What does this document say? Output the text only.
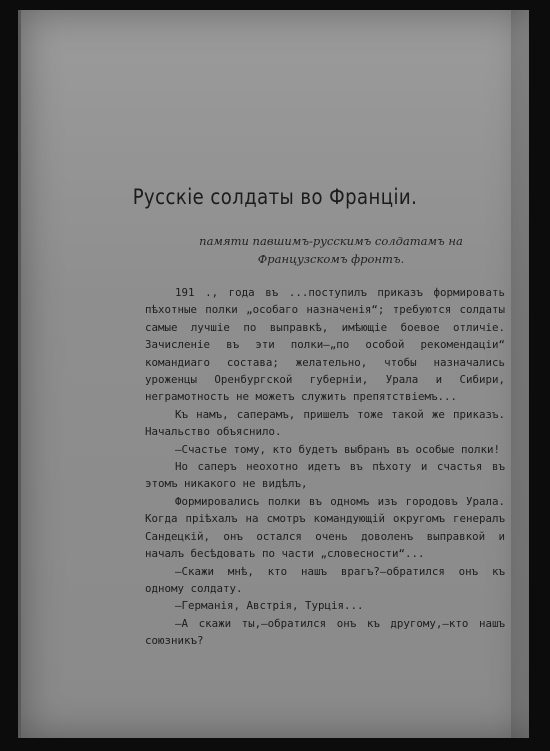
Русскiе солдаты во Францiи.
памяти павшимъ-русскимъ солдатамъ на Французскомъ фронтъ.

191 ., года въ ...поступилъ приказъ формировать пѣхотные полки „особаго назначенiя“; требуются солдаты самые лучшiе по выправкѣ, имѣющiе боевое отличiе. Зачисленiе въ эти полки—„по особой рекомендацiи“ командиаго состава; желательно, чтобы назначались уроженцы Оренбургской губернiи, Урала и Сибири, неграмотность не можетъ служить препятствiемъ...

Къ намъ, саперамъ, пришелъ тоже такой же приказъ. Начальство объяснило.

—Счастье тому, кто будетъ выбранъ въ особые полки!

Но саперъ неохотно идетъ въ пѣхоту и счастья въ этомъ никакого не видѣлъ,

Формировались полки въ одномъ изъ городовъ Урала. Когда прiѣхалъ на смотръ командующiй округомъ генералъ Сандецкiй, онъ остался очень доволенъ выправкой и началъ бесѣдовать по части „словесности“...

—Скажи мнѣ, кто нашъ врагъ?—обратился онъ къ одному солдату.

—Германiя, Австрiя, Турцiя...

—А скажи ты,—обратился онъ къ другому,—кто нашъ союзникъ?
